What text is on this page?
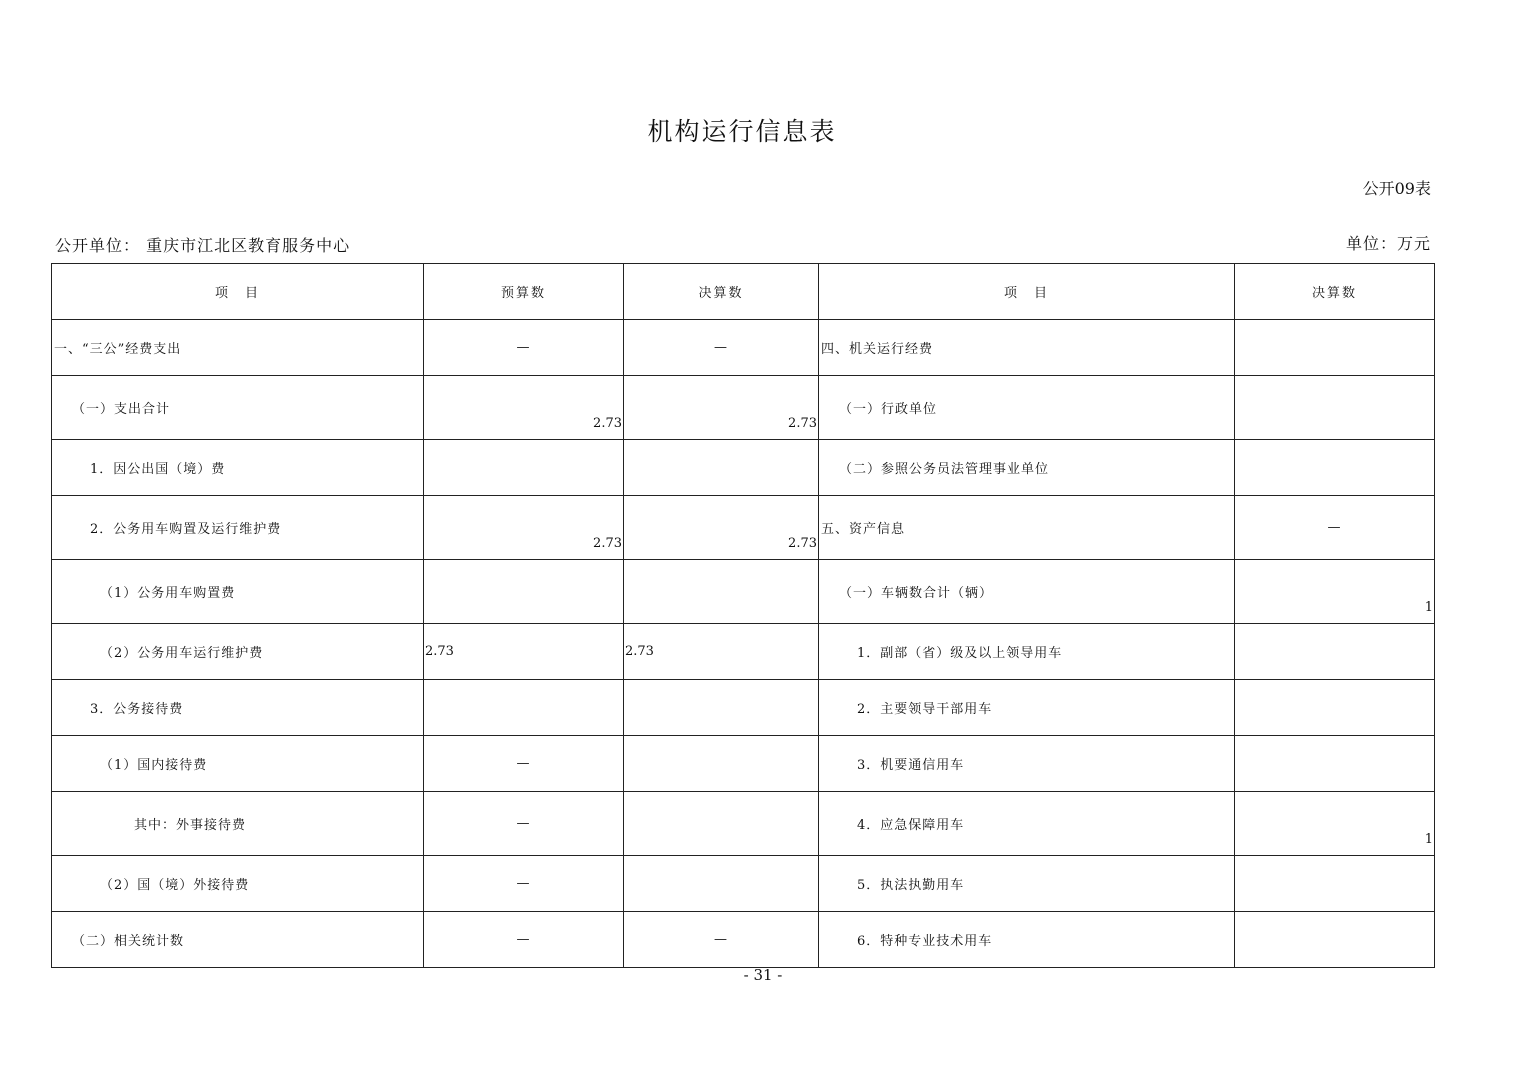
机构运行信息表
公开09表
公开单位： 重庆市江北区教育服务中心	单位：万元
项　目	预算数	决算数	项　目	决算数
一、“三公”经费支出	—	—	四、机关运行经费	
（一）支出合计	2.73	2.73	（一）行政单位	
1．因公出国（境）费			（二）参照公务员法管理事业单位	
2．公务用车购置及运行维护费	2.73	2.73	五、资产信息	—
（1）公务用车购置费			（一）车辆数合计（辆）	1
（2）公务用车运行维护费	2.73	2.73	1．副部（省）级及以上领导用车	
3．公务接待费			2．主要领导干部用车	
（1）国内接待费	—		3．机要通信用车	
其中：外事接待费	—		4．应急保障用车	1
（2）国（境）外接待费	—		5．执法执勤用车	
（二）相关统计数	—	—	6．特种专业技术用车	
- 31 -
